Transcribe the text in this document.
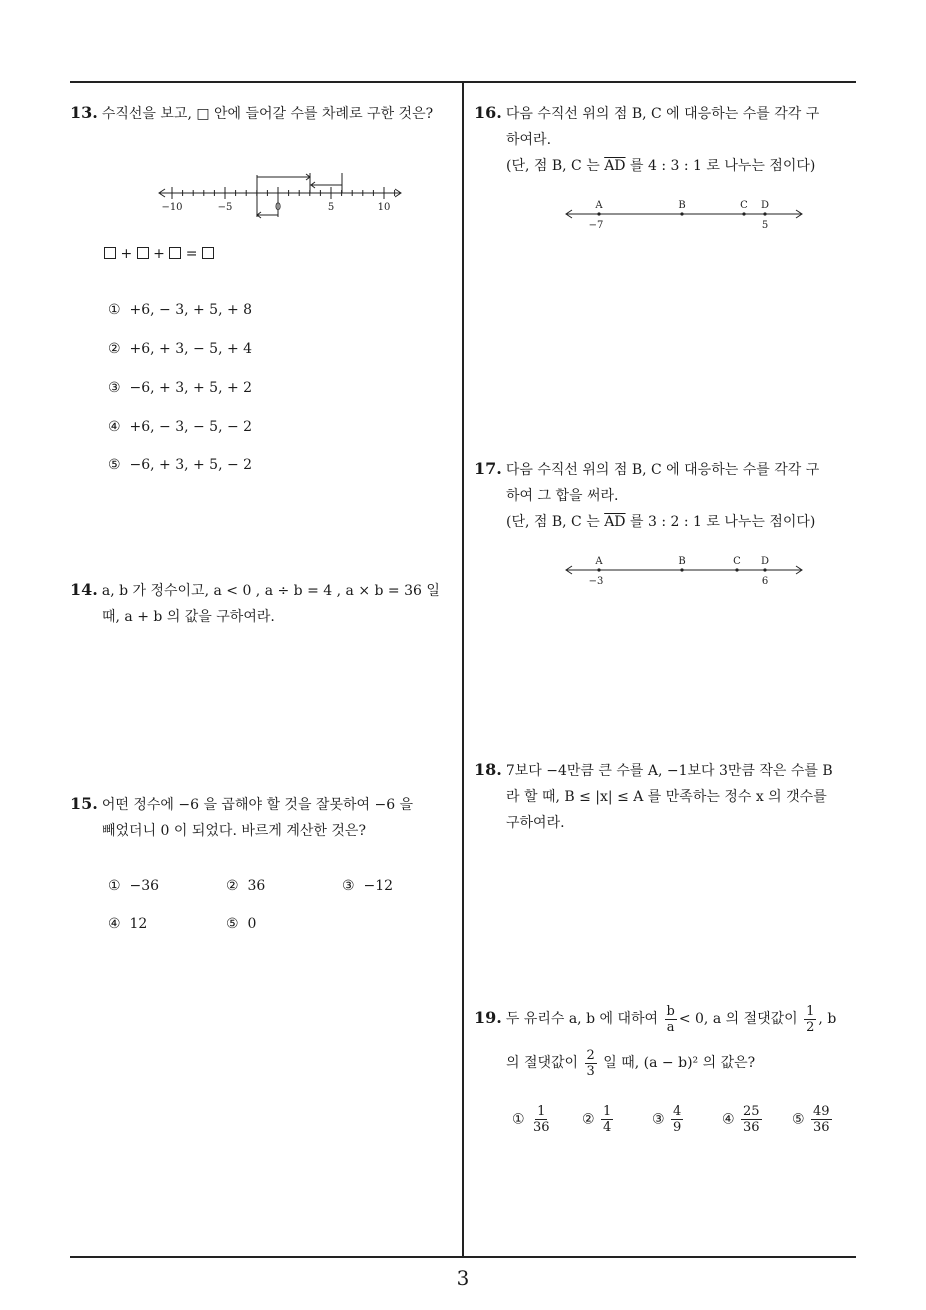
13. 수직선을 보고, □ 안에 들어갈 수를 차례로 구한 것은?
−10	−5	0	5	10
+  +  =
① +6, − 3, + 5, + 8
② +6, + 3, − 5, + 4
③ −6, + 3, + 5, + 2
④ +6, − 3, − 5, − 2
⑤ −6, + 3, + 5, − 2
14. a, b 가 정수이고, a < 0 , a ÷ b = 4 , a × b = 36 일
때, a + b 의 값을 구하여라.
15. 어떤 정수에 −6 을 곱해야 할 것을 잘못하여 −6 을
빼었더니 0 이 되었다. 바르게 계산한 것은?
① −36	② 36	③ −12
④ 12	⑤ 0
16. 다음 수직선 위의 점 B, C 에 대응하는 수를 각각 구
하여라.
(단, 점 B, C 는 $\overline{AD}$ 를 4 : 3 : 1 로 나누는 점이다)
A	B	C D
−7	5
17. 다음 수직선 위의 점 B, C 에 대응하는 수를 각각 구
하여 그 합을 써라.
(단, 점 B, C 는 $\overline{AD}$ 를 3 : 2 : 1 로 나누는 점이다)
A	B	C D
−3	6
18. 7보다 −4만큼 큰 수를 A, −1보다 3만큼 작은 수를 B
라 할 때, B ≤ |x| ≤ A 를 만족하는 정수 x 의 갯수를
구하여라.
19. 두 유리수 a, b 에 대하여 $\frac{b}{a} < 0$, a 의 절댓값이 $\frac{1}{2}$ , b
의 절댓값이 $\frac{2}{3}$ 일 때, (a − b)² 의 값은?
① $\frac{1}{36}$ ② $\frac{1}{4}$	③ $\frac{4}{9}$	④ $\frac{25}{36}$ ⑤ $\frac{49}{36}$
3
